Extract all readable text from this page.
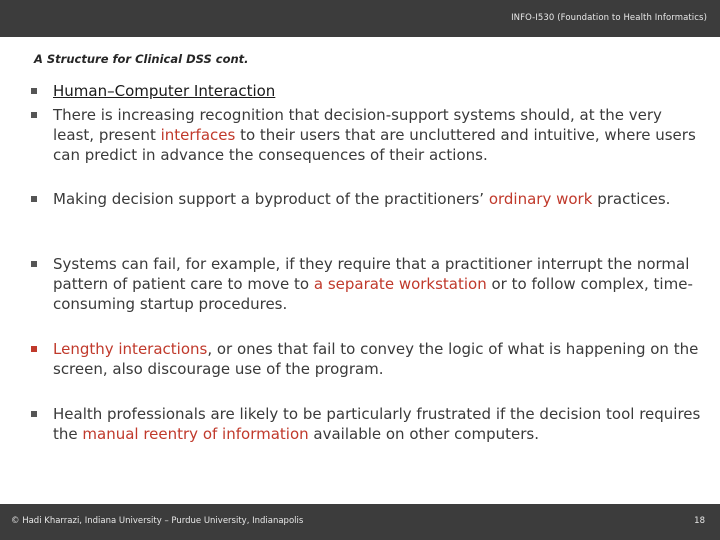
INFO-I530 (Foundation to Health Informatics)
A Structure for Clinical DSS cont.
Human–Computer Interaction
There is increasing recognition that decision-support systems should, at the very least, present interfaces to their users that are uncluttered and intuitive, where users can predict in advance the consequences of their actions.
Making decision support a byproduct of the practitioners’ ordinary work practices.
Systems can fail, for example, if they require that a practitioner interrupt the normal pattern of patient care to move to a separate workstation or to follow complex, time-consuming startup procedures.
Lengthy interactions, or ones that fail to convey the logic of what is happening on the screen, also discourage use of the program.
Health professionals are likely to be particularly frustrated if the decision tool requires the manual reentry of information available on other computers.
© Hadi Kharrazi, Indiana University – Purdue University, Indianapolis	18
